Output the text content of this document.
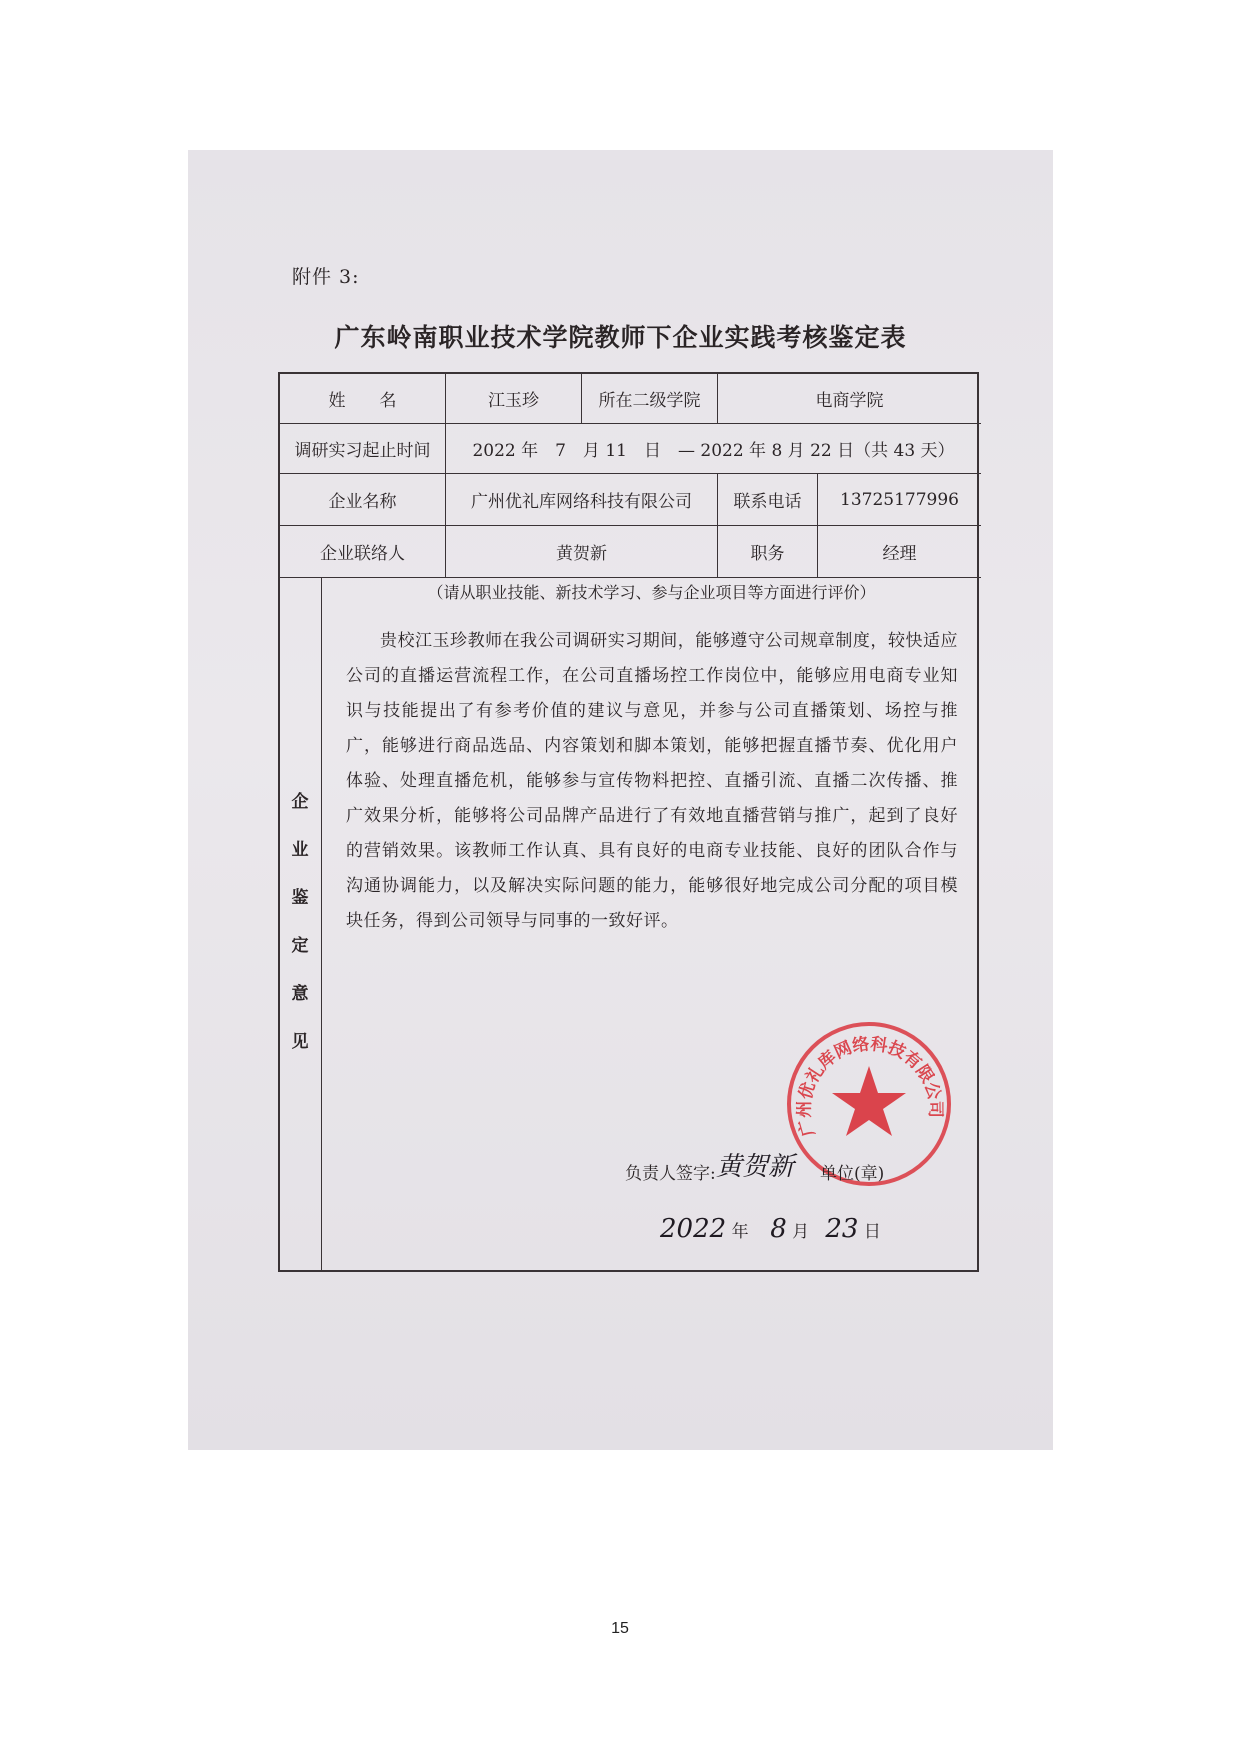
附件 3:
广东岭南职业技术学院教师下企业实践考核鉴定表
姓　　名	江玉珍	所在二级学院	电商学院
调研实习起止时间	2022 年　7　月 11　日　— 2022 年 8 月 22 日（共 43 天）
企业名称	广州优礼库网络科技有限公司	联系电话	13725177996
企业联络人	黄贺新	职务	经理
企
业
鉴
定
意
见
（请从职业技能、新技术学习、参与企业项目等方面进行评价）
贵校江玉珍教师在我公司调研实习期间，能够遵守公司规章制度，较快适应公司的直播运营流程工作，在公司直播场控工作岗位中，能够应用电商专业知识与技能提出了有参考价值的建议与意见，并参与公司直播策划、场控与推广，能够进行商品选品、内容策划和脚本策划，能够把握直播节奏、优化用户体验、处理直播危机，能够参与宣传物料把控、直播引流、直播二次传播、推广效果分析，能够将公司品牌产品进行了有效地直播营销与推广，起到了良好的营销效果。该教师工作认真、具有良好的电商专业技能、良好的团队合作与沟通协调能力，以及解决实际问题的能力，能够很好地完成公司分配的项目模块任务，得到公司领导与同事的一致好评。
广州优礼库网络科技有限公司
负责人签字: 黄贺新 单位(章)
2022 年 8 月 23 日
15
